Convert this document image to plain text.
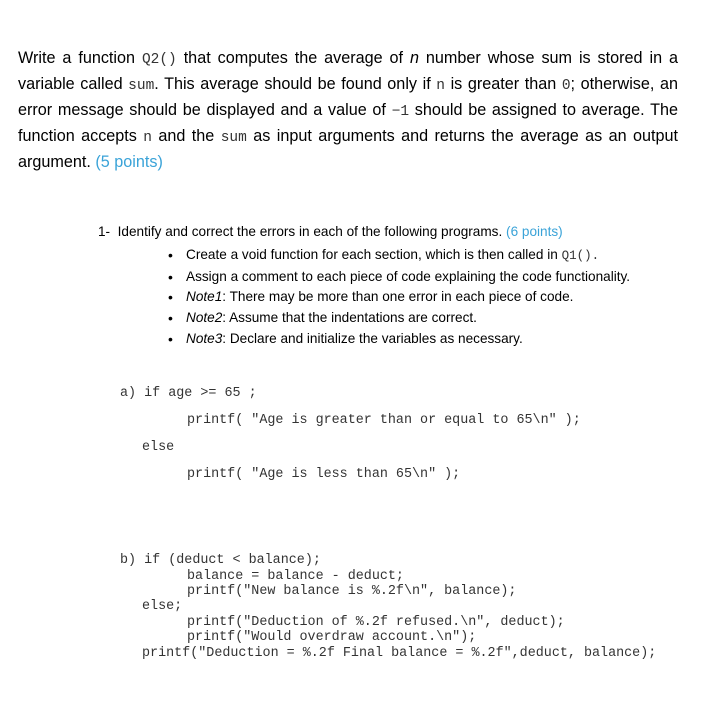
Write a function Q2() that computes the average of n number whose sum is stored in a variable called sum. This average should be found only if n is greater than 0; otherwise, an error message should be displayed and a value of −1 should be assigned to average. The function accepts n and the sum as input arguments and returns the average as an output argument. (5 points)
1- Identify and correct the errors in each of the following programs. (6 points)
• Create a void function for each section, which is then called in Q1().
• Assign a comment to each piece of code explaining the code functionality.
• Note1: There may be more than one error in each piece of code.
• Note2: Assume that the indentations are correct.
• Note3: Declare and initialize the variables as necessary.
a) if age >= 65 ;
printf( "Age is greater than or equal to 65\n" );
else
printf( "Age is less than 65\n" );
b) if (deduct < balance);
balance = balance - deduct;
printf("New balance is %.2f\n", balance);
else;
printf("Deduction of %.2f refused.\n", deduct);
printf("Would overdraw account.\n");
printf("Deduction = %.2f Final balance = %.2f",deduct, balance);
